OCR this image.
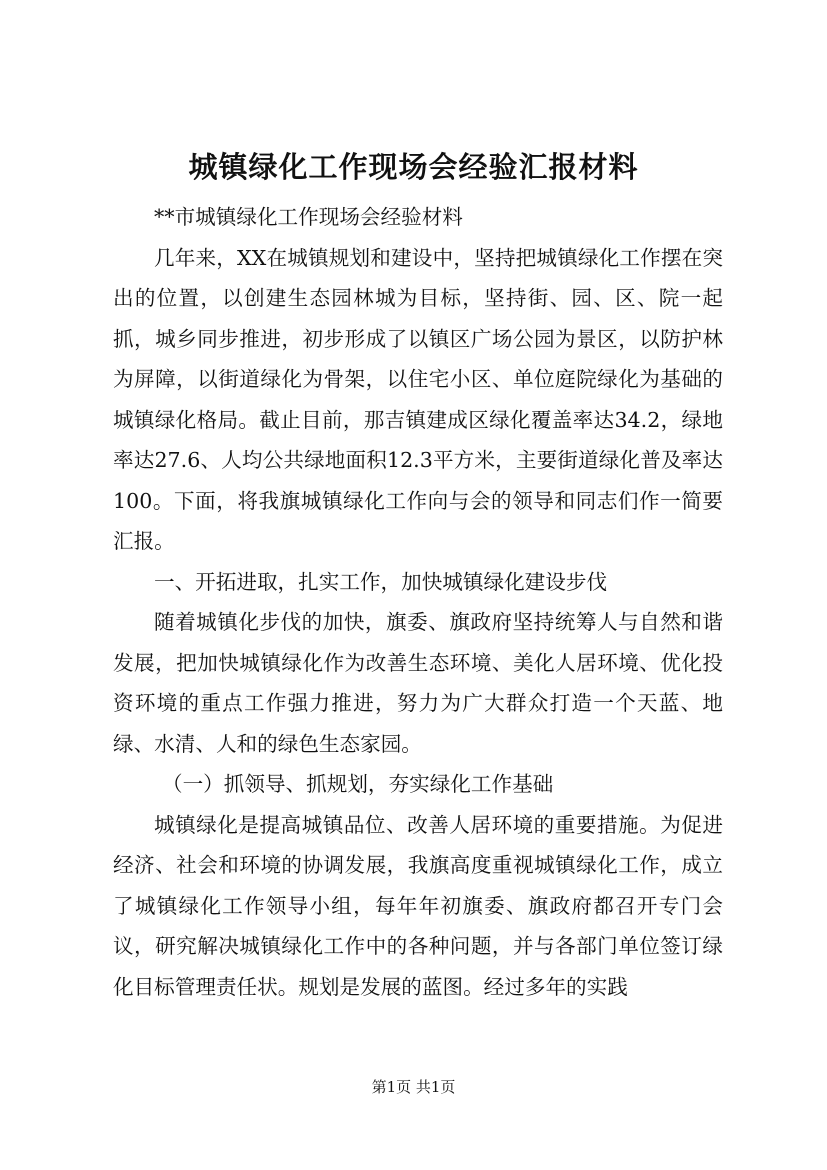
城镇绿化工作现场会经验汇报材料

**市城镇绿化工作现场会经验材料

几年来，XX在城镇规划和建设中，坚持把城镇绿化工作摆在突出的位置，以创建生态园林城为目标，坚持街、园、区、院一起抓，城乡同步推进，初步形成了以镇区广场公园为景区，以防护林为屏障，以街道绿化为骨架，以住宅小区、单位庭院绿化为基础的城镇绿化格局。截止目前，那吉镇建成区绿化覆盖率达34.2，绿地率达27.6、人均公共绿地面积12.3平方米，主要街道绿化普及率达100。下面，将我旗城镇绿化工作向与会的领导和同志们作一简要汇报。

一、开拓进取，扎实工作，加快城镇绿化建设步伐

随着城镇化步伐的加快，旗委、旗政府坚持统筹人与自然和谐发展，把加快城镇绿化作为改善生态环境、美化人居环境、优化投资环境的重点工作强力推进，努力为广大群众打造一个天蓝、地绿、水清、人和的绿色生态家园。

（一）抓领导、抓规划，夯实绿化工作基础

城镇绿化是提高城镇品位、改善人居环境的重要措施。为促进经济、社会和环境的协调发展，我旗高度重视城镇绿化工作，成立了城镇绿化工作领导小组，每年年初旗委、旗政府都召开专门会议，研究解决城镇绿化工作中的各种问题，并与各部门单位签订绿化目标管理责任状。规划是发展的蓝图。经过多年的实践

第1页 共1页
